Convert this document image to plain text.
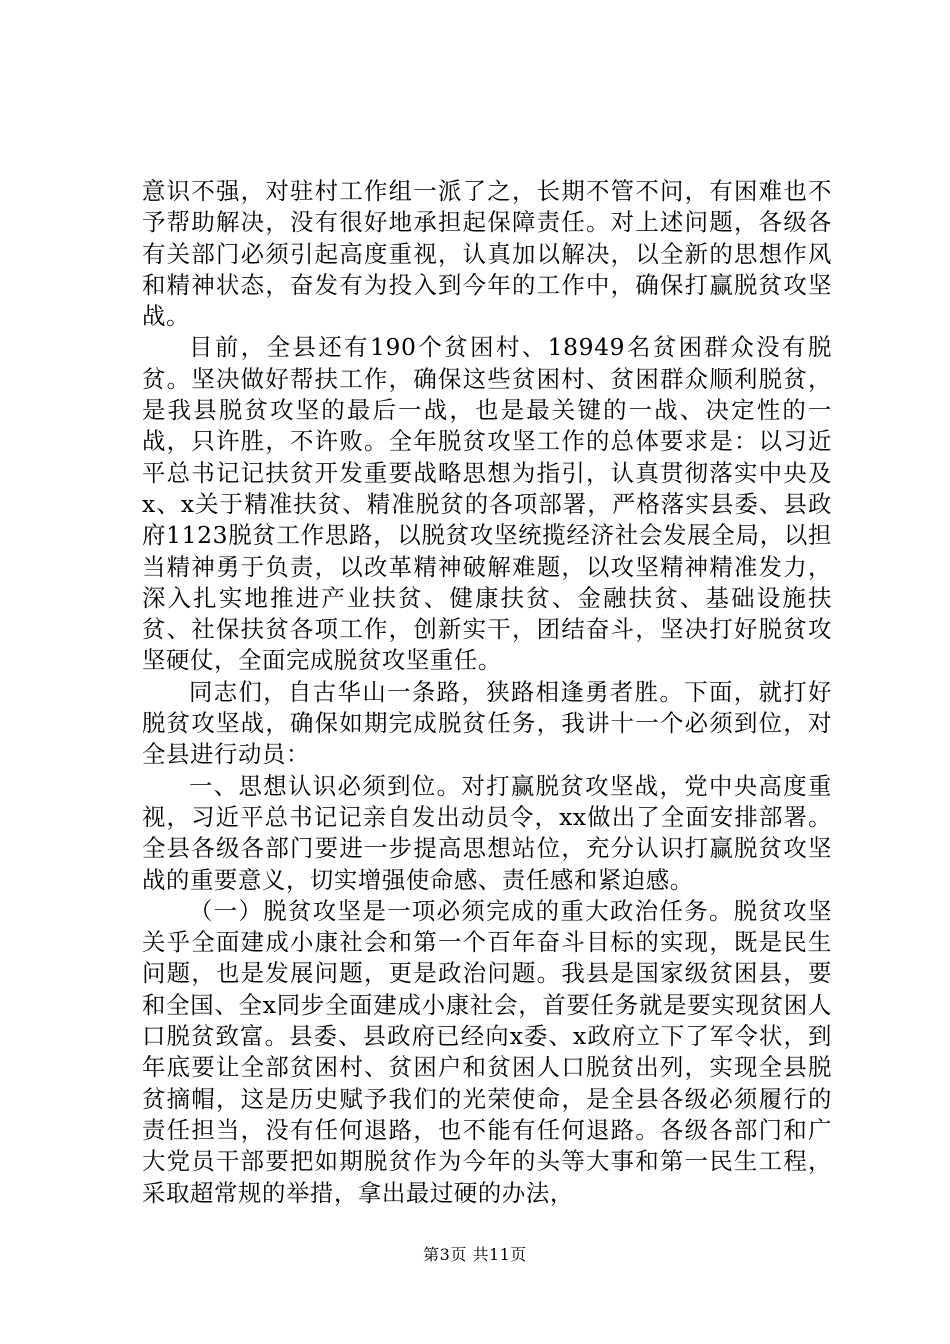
意识不强，对驻村工作组一派了之，长期不管不问，有困难也不予帮助解决，没有很好地承担起保障责任。对上述问题，各级各有关部门必须引起高度重视，认真加以解决，以全新的思想作风和精神状态，奋发有为投入到今年的工作中，确保打赢脱贫攻坚战。

目前，全县还有190个贫困村、18949名贫困群众没有脱贫。坚决做好帮扶工作，确保这些贫困村、贫困群众顺利脱贫，是我县脱贫攻坚的最后一战，也是最关键的一战、决定性的一战，只许胜，不许败。全年脱贫攻坚工作的总体要求是：以习近平总书记记扶贫开发重要战略思想为指引，认真贯彻落实中央及x、x关于精准扶贫、精准脱贫的各项部署，严格落实县委、县政府1123脱贫工作思路，以脱贫攻坚统揽经济社会发展全局，以担当精神勇于负责，以改革精神破解难题，以攻坚精神精准发力，深入扎实地推进产业扶贫、健康扶贫、金融扶贫、基础设施扶贫、社保扶贫各项工作，创新实干，团结奋斗，坚决打好脱贫攻坚硬仗，全面完成脱贫攻坚重任。

同志们，自古华山一条路，狭路相逢勇者胜。下面，就打好脱贫攻坚战，确保如期完成脱贫任务，我讲十一个必须到位，对全县进行动员：

一、思想认识必须到位。对打赢脱贫攻坚战，党中央高度重视，习近平总书记记亲自发出动员令，xx做出了全面安排部署。全县各级各部门要进一步提高思想站位，充分认识打赢脱贫攻坚战的重要意义，切实增强使命感、责任感和紧迫感。

（一）脱贫攻坚是一项必须完成的重大政治任务。脱贫攻坚关乎全面建成小康社会和第一个百年奋斗目标的实现，既是民生问题，也是发展问题，更是政治问题。我县是国家级贫困县，要和全国、全x同步全面建成小康社会，首要任务就是要实现贫困人口脱贫致富。县委、县政府已经向x委、x政府立下了军令状，到年底要让全部贫困村、贫困户和贫困人口脱贫出列，实现全县脱贫摘帽，这是历史赋予我们的光荣使命，是全县各级必须履行的责任担当，没有任何退路，也不能有任何退路。各级各部门和广大党员干部要把如期脱贫作为今年的头等大事和第一民生工程，采取超常规的举措，拿出最过硬的办法，

第3页 共11页
